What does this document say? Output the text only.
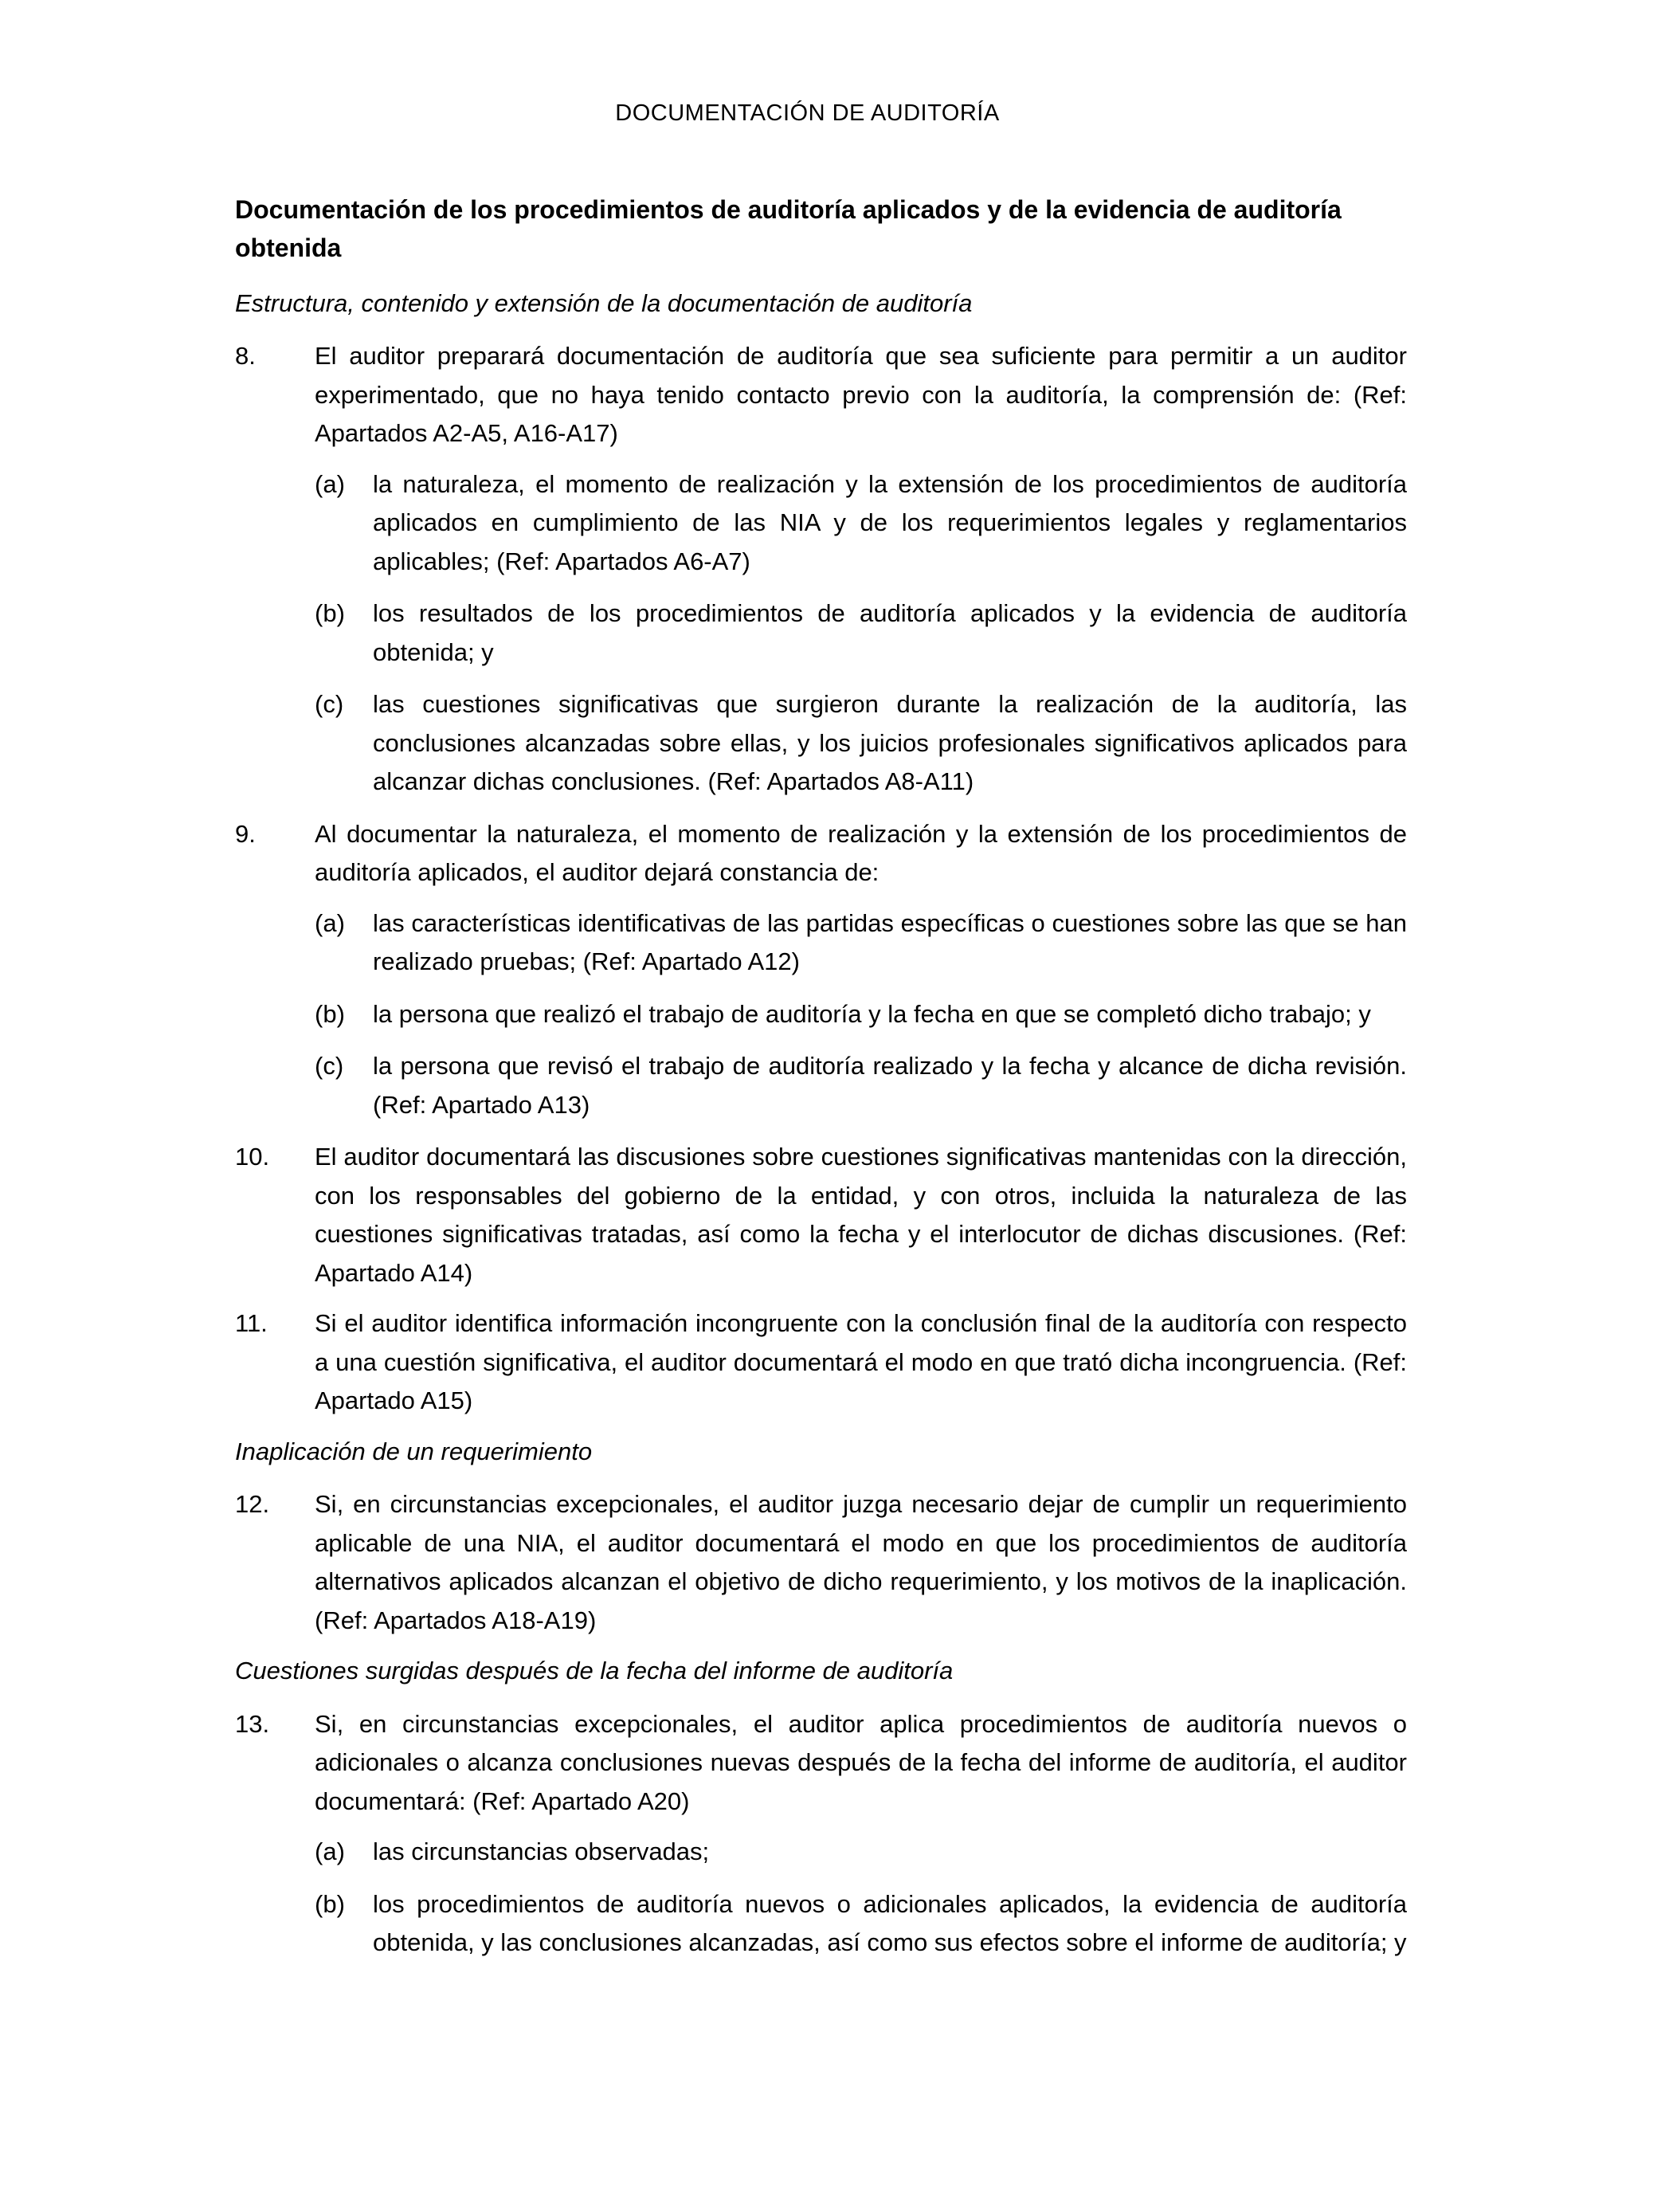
DOCUMENTACIÓN DE AUDITORÍA
Documentación de los procedimientos de auditoría aplicados y de la evidencia de auditoría obtenida
Estructura, contenido y extensión de la documentación de auditoría
8.	El auditor preparará documentación de auditoría que sea suficiente para permitir a un auditor experimentado, que no haya tenido contacto previo con la auditoría, la comprensión de: (Ref: Apartados A2-A5, A16-A17)
(a)	la naturaleza, el momento de realización y la extensión de los procedimientos de auditoría aplicados en cumplimiento de las NIA y de los requerimientos legales y reglamentarios aplicables; (Ref: Apartados A6-A7)
(b)	los resultados de los procedimientos de auditoría aplicados y la evidencia de auditoría obtenida; y
(c)	las cuestiones significativas que surgieron durante la realización de la auditoría, las conclusiones alcanzadas sobre ellas, y los juicios profesionales significativos aplicados para alcanzar dichas conclusiones. (Ref: Apartados A8-A11)
9.	Al documentar la naturaleza, el momento de realización y la extensión de los procedimientos de auditoría aplicados, el auditor dejará constancia de:
(a)	las características identificativas de las partidas específicas o cuestiones sobre las que se han realizado pruebas; (Ref: Apartado A12)
(b)	la persona que realizó el trabajo de auditoría y la fecha en que se completó dicho trabajo; y
(c)	la persona que revisó el trabajo de auditoría realizado y la fecha y alcance de dicha revisión. (Ref: Apartado A13)
10.	El auditor documentará las discusiones sobre cuestiones significativas mantenidas con la dirección, con los responsables del gobierno de la entidad, y con otros, incluida la naturaleza de las cuestiones significativas tratadas, así como la fecha y el interlocutor de dichas discusiones. (Ref: Apartado A14)
11.	Si el auditor identifica información incongruente con la conclusión final de la auditoría con respecto a una cuestión significativa, el auditor documentará el modo en que trató dicha incongruencia. (Ref: Apartado A15)
Inaplicación de un requerimiento
12.	Si, en circunstancias excepcionales, el auditor juzga necesario dejar de cumplir un requerimiento aplicable de una NIA, el auditor documentará el modo en que los procedimientos de auditoría alternativos aplicados alcanzan el objetivo de dicho requerimiento, y los motivos de la inaplicación. (Ref: Apartados A18-A19)
Cuestiones surgidas después de la fecha del informe de auditoría
13.	Si, en circunstancias excepcionales, el auditor aplica procedimientos de auditoría nuevos o adicionales o alcanza conclusiones nuevas después de la fecha del informe de auditoría, el auditor documentará: (Ref: Apartado A20)
(a)	las circunstancias observadas;
(b)	los procedimientos de auditoría nuevos o adicionales aplicados, la evidencia de auditoría obtenida, y las conclusiones alcanzadas, así como sus efectos sobre el informe de auditoría; y
